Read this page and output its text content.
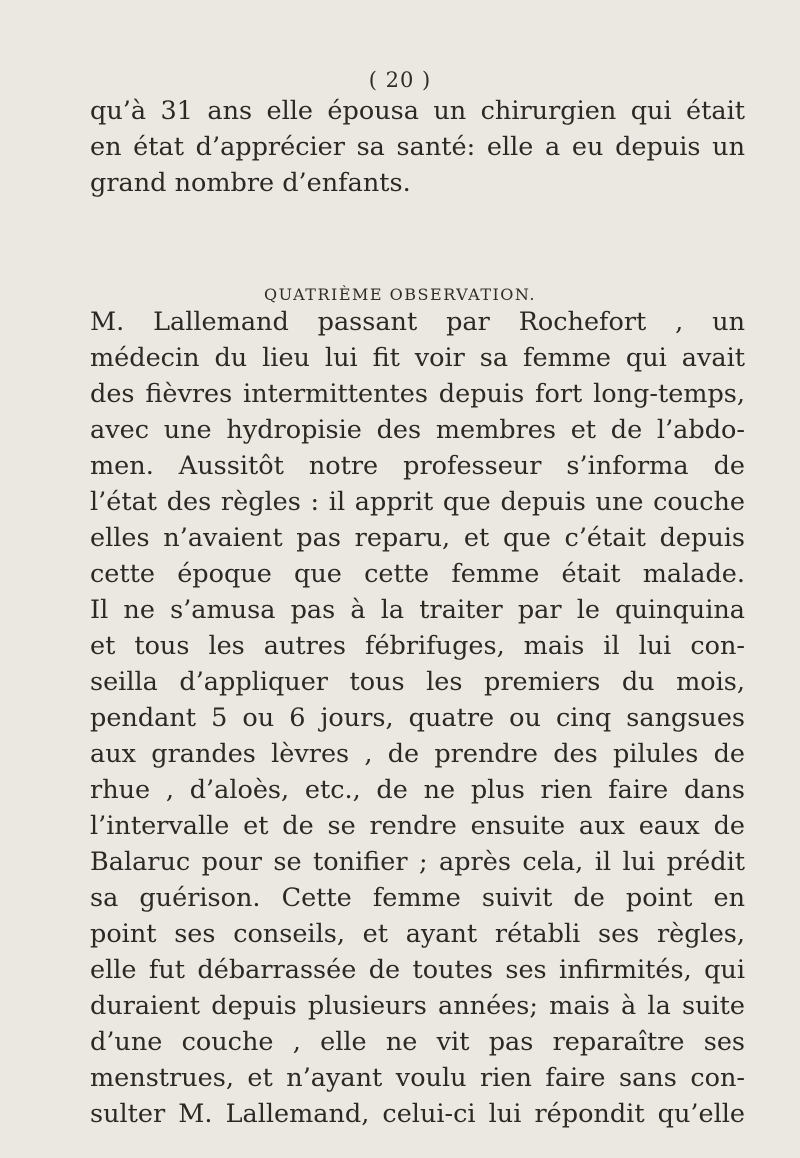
( 20 )
qu’à 31 ans elle épousa un chirurgien qui était
en état d’apprécier sa santé: elle a eu depuis un
grand nombre d’enfants.
QUATRIÈME OBSERVATION.
M. Lallemand passant par Rochefort , un
médecin du lieu lui fit voir sa femme qui avait
des fièvres intermittentes depuis fort long-temps,
avec une hydropisie des membres et de l’abdo-
men. Aussitôt notre professeur s’informa de
l’état des règles : il apprit que depuis une couche
elles n’avaient pas reparu, et que c’était depuis
cette époque que cette femme était malade.
Il ne s’amusa pas à la traiter par le quinquina
et tous les autres fébrifuges, mais il lui con-
seilla d’appliquer tous les premiers du mois,
pendant 5 ou 6 jours, quatre ou cinq sangsues
aux grandes lèvres , de prendre des pilules de
rhue , d’aloès, etc., de ne plus rien faire dans
l’intervalle et de se rendre ensuite aux eaux de
Balaruc pour se tonifier ; après cela, il lui prédit
sa guérison. Cette femme suivit de point en
point ses conseils, et ayant rétabli ses règles,
elle fut débarrassée de toutes ses infirmités, qui
duraient depuis plusieurs années; mais à la suite
d’une couche , elle ne vit pas reparaître ses
menstrues, et n’ayant voulu rien faire sans con-
sulter M. Lallemand, celui-ci lui répondit qu’elle
